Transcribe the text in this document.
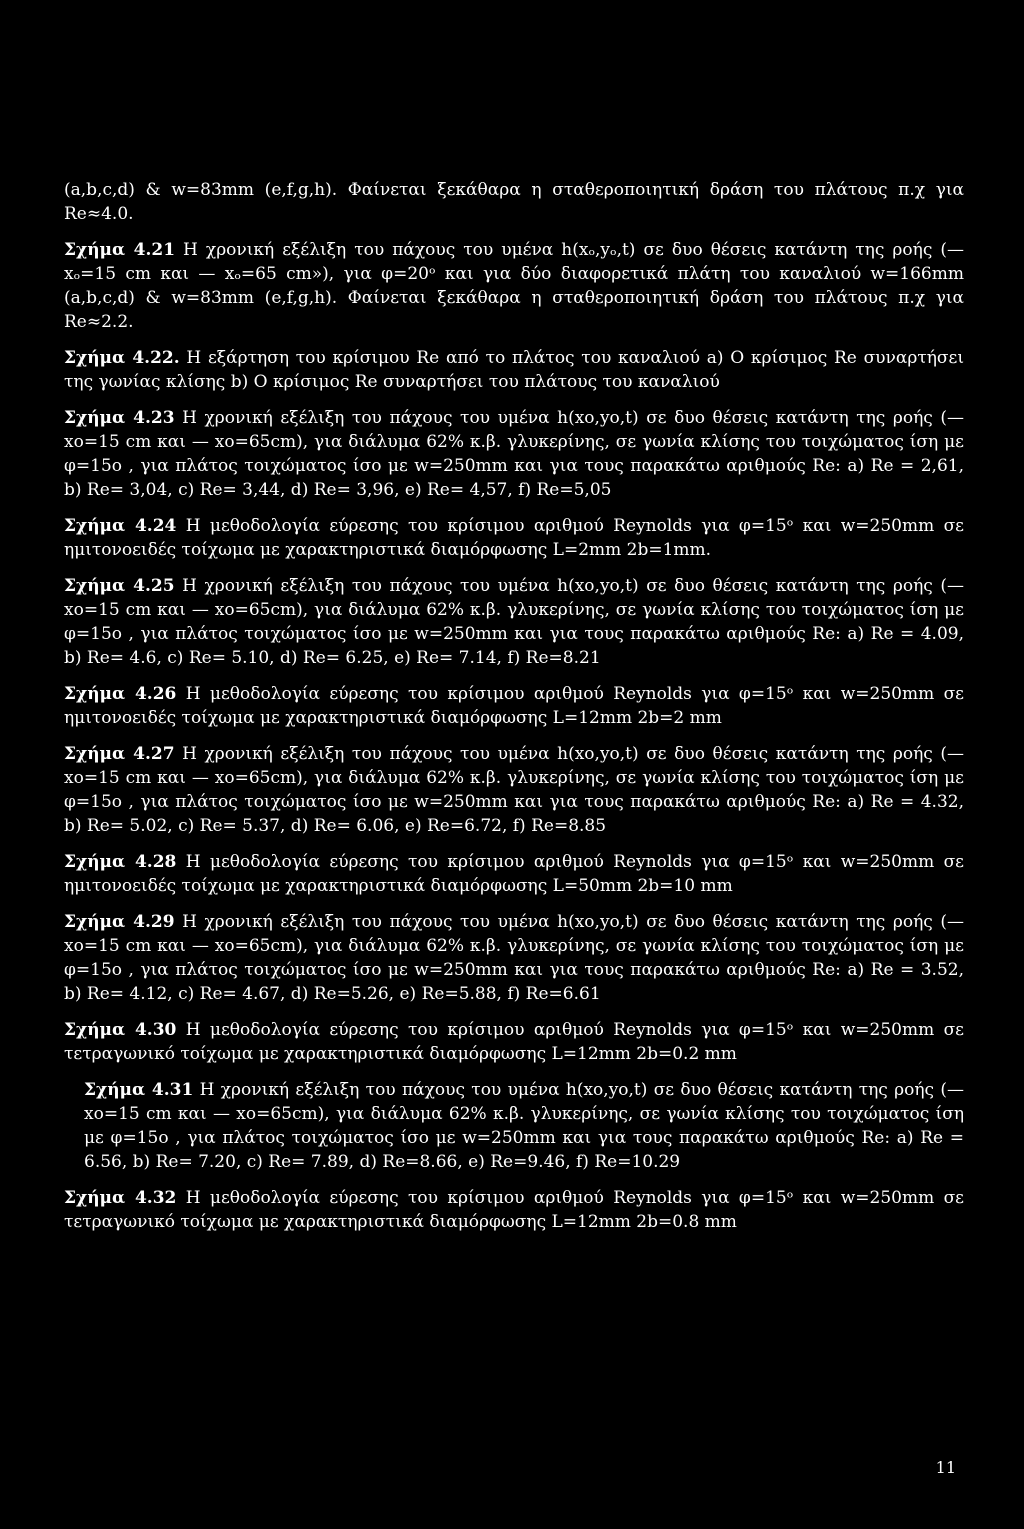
(a,b,c,d) & w=83mm (e,f,g,h). Φαίνεται ξεκάθαρα η σταθεροποιητική δράση του πλάτους π.χ για Re≈4.0.

Σχήμα 4.21 Η χρονική εξέλιξη του πάχους του υμένα h(xₒ,yₒ,t) σε δυο θέσεις κατάντη της ροής (—xₒ=15 cm και — xₒ=65 cm»), για φ=20ᵒ και για δύο διαφορετικά πλάτη του καναλιού w=166mm (a,b,c,d) & w=83mm (e,f,g,h). Φαίνεται ξεκάθαρα η σταθεροποιητική δράση του πλάτους π.χ για Re≈2.2.

Σχήμα 4.22. Η εξάρτηση του κρίσιμου Re από το πλάτος του καναλιού a) O κρίσιμος Re συναρτήσει της γωνίας κλίσης b) O κρίσιμος Re συναρτήσει του πλάτους του καναλιού

Σχήμα 4.23 Η χρονική εξέλιξη του πάχους του υμένα h(xo,yo,t) σε δυο θέσεις κατάντη της ροής (—xo=15 cm και — xo=65cm), για διάλυμα 62% κ.β. γλυκερίνης, σε γωνία κλίσης του τοιχώματος ίση με φ=15o , για πλάτος τοιχώματος ίσο με w=250mm και για τους παρακάτω αριθμούς Re: a) Re = 2,61, b) Re= 3,04, c) Re= 3,44, d) Re= 3,96, e) Re= 4,57, f) Re=5,05

Σχήμα 4.24 Η μεθοδολογία εύρεσης του κρίσιμου αριθμού Reynolds για φ=15ᵒ και w=250mm σε ημιτονοειδές τοίχωμα με χαρακτηριστικά διαμόρφωσης L=2mm 2b=1mm.

Σχήμα 4.25 Η χρονική εξέλιξη του πάχους του υμένα h(xo,yo,t) σε δυο θέσεις κατάντη της ροής (—xo=15 cm και — xo=65cm), για διάλυμα 62% κ.β. γλυκερίνης, σε γωνία κλίσης του τοιχώματος ίση με φ=15o , για πλάτος τοιχώματος ίσο με w=250mm και για τους παρακάτω αριθμούς Re: a) Re = 4.09, b) Re= 4.6, c) Re= 5.10, d) Re= 6.25, e) Re= 7.14, f) Re=8.21

Σχήμα 4.26 Η μεθοδολογία εύρεσης του κρίσιμου αριθμού Reynolds για φ=15ᵒ και w=250mm σε ημιτονοειδές τοίχωμα με χαρακτηριστικά διαμόρφωσης L=12mm 2b=2 mm

Σχήμα 4.27 Η χρονική εξέλιξη του πάχους του υμένα h(xo,yo,t) σε δυο θέσεις κατάντη της ροής (—xo=15 cm και — xo=65cm), για διάλυμα 62% κ.β. γλυκερίνης, σε γωνία κλίσης του τοιχώματος ίση με φ=15o , για πλάτος τοιχώματος ίσο με w=250mm και για τους παρακάτω αριθμούς Re: a) Re = 4.32, b) Re= 5.02, c) Re= 5.37, d) Re= 6.06, e) Re=6.72, f) Re=8.85

Σχήμα 4.28 Η μεθοδολογία εύρεσης του κρίσιμου αριθμού Reynolds για φ=15ᵒ και w=250mm σε ημιτονοειδές τοίχωμα με χαρακτηριστικά διαμόρφωσης L=50mm 2b=10 mm

Σχήμα 4.29 Η χρονική εξέλιξη του πάχους του υμένα h(xo,yo,t) σε δυο θέσεις κατάντη της ροής (—xo=15 cm και — xo=65cm), για διάλυμα 62% κ.β. γλυκερίνης, σε γωνία κλίσης του τοιχώματος ίση με φ=15o , για πλάτος τοιχώματος ίσο με w=250mm και για τους παρακάτω αριθμούς Re: a) Re = 3.52, b) Re= 4.12, c) Re= 4.67, d) Re=5.26, e) Re=5.88, f) Re=6.61

Σχήμα 4.30 Η μεθοδολογία εύρεσης του κρίσιμου αριθμού Reynolds για φ=15ᵒ και w=250mm σε τετραγωνικό τοίχωμα με χαρακτηριστικά διαμόρφωσης L=12mm 2b=0.2 mm

Σχήμα 4.31 Η χρονική εξέλιξη του πάχους του υμένα h(xo,yo,t) σε δυο θέσεις κατάντη της ροής (—xo=15 cm και — xo=65cm), για διάλυμα 62% κ.β. γλυκερίνης, σε γωνία κλίσης του τοιχώματος ίση με φ=15o , για πλάτος τοιχώματος ίσο με w=250mm και για τους παρακάτω αριθμούς Re: a) Re = 6.56, b) Re= 7.20, c) Re= 7.89, d) Re=8.66, e) Re=9.46, f) Re=10.29

Σχήμα 4.32 Η μεθοδολογία εύρεσης του κρίσιμου αριθμού Reynolds για φ=15ᵒ και w=250mm σε τετραγωνικό τοίχωμα με χαρακτηριστικά διαμόρφωσης L=12mm 2b=0.8 mm

11
